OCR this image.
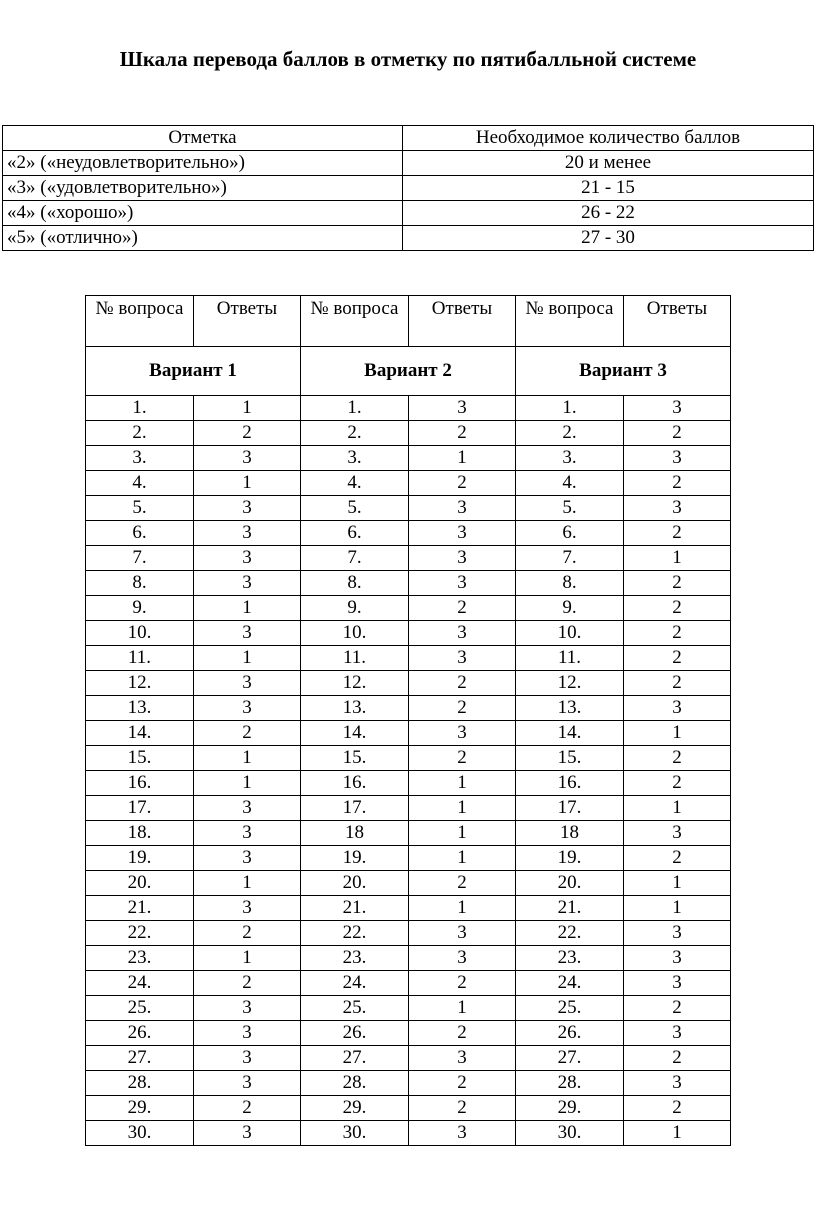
Шкала перевода баллов в отметку по пятибалльной системе
Отметка	Необходимое количество баллов
«2» («неудовлетворительно»)	20 и менее
«3» («удовлетворительно»)	21 - 15
«4» («хорошо»)	26 - 22
«5» («отлично»)	27 - 30
№ вопроса	Ответы	№ вопроса	Ответы	№ вопроса	Ответы
Вариант 1		Вариант 2		Вариант 3	
1.	1	1.	3	1.	3
2.	2	2.	2	2.	2
3.	3	3.	1	3.	3
4.	1	4.	2	4.	2
5.	3	5.	3	5.	3
6.	3	6.	3	6.	2
7.	3	7.	3	7.	1
8.	3	8.	3	8.	2
9.	1	9.	2	9.	2
10.	3	10.	3	10.	2
11.	1	11.	3	11.	2
12.	3	12.	2	12.	2
13.	3	13.	2	13.	3
14.	2	14.	3	14.	1
15.	1	15.	2	15.	2
16.	1	16.	1	16.	2
17.	3	17.	1	17.	1
18.	3	18	1	18	3
19.	3	19.	1	19.	2
20.	1	20.	2	20.	1
21.	3	21.	1	21.	1
22.	2	22.	3	22.	3
23.	1	23.	3	23.	3
24.	2	24.	2	24.	3
25.	3	25.	1	25.	2
26.	3	26.	2	26.	3
27.	3	27.	3	27.	2
28.	3	28.	2	28.	3
29.	2	29.	2	29.	2
30.	3	30.	3	30.	1
